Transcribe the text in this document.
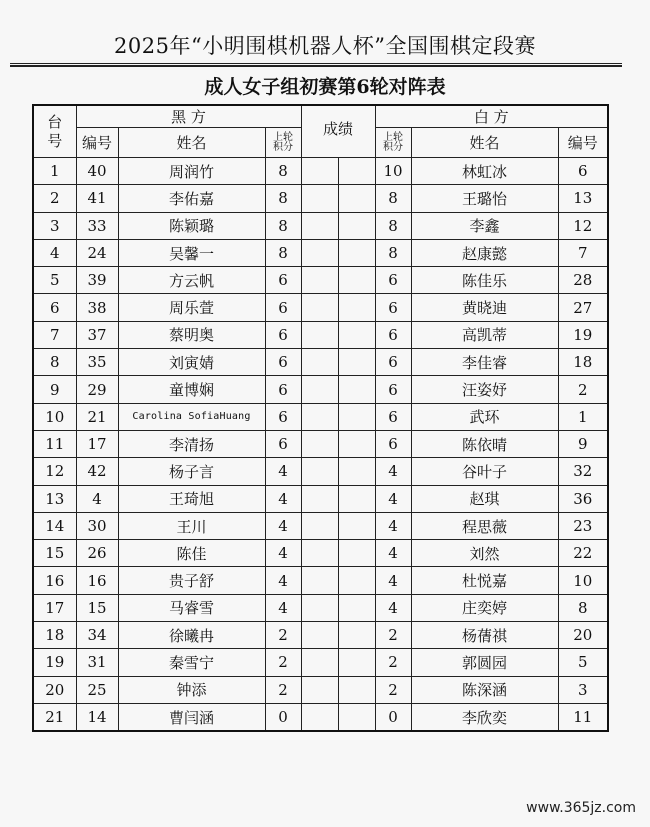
2025年“小明围棋机器人杯”全国围棋定段赛
成人女子组初赛第6轮对阵表
台号	黑 方			成绩		白 方		
	编号	姓名	上轮积分			上轮积分	姓名	编号
1	40	周润竹	8			10	林虹冰	6
2	41	李佑嘉	8			8	王璐怡	13
3	33	陈颖璐	8			8	李鑫	12
4	24	吴馨一	8			8	赵康懿	7
5	39	方云帆	6			6	陈佳乐	28
6	38	周乐萱	6			6	黄晓迪	27
7	37	蔡明奥	6			6	高凯蒂	19
8	35	刘寅婧	6			6	李佳睿	18
9	29	童博娴	6			6	汪姿妤	2
10	21	Carolina SofiaHuang	6			6	武环	1
11	17	李清扬	6			6	陈依晴	9
12	42	杨子言	4			4	谷叶子	32
13	4	王琦旭	4			4	赵琪	36
14	30	王川	4			4	程思薇	23
15	26	陈佳	4			4	刘然	22
16	16	贵子舒	4			4	杜悦嘉	10
17	15	马睿雪	4			4	庄奕婷	8
18	34	徐曦冉	2			2	杨蒨祺	20
19	31	秦雪宁	2			2	郭圆园	5
20	25	钟添	2			2	陈深涵	3
21	14	曹闫涵	0			0	李欣奕	11
www.365jz.com
